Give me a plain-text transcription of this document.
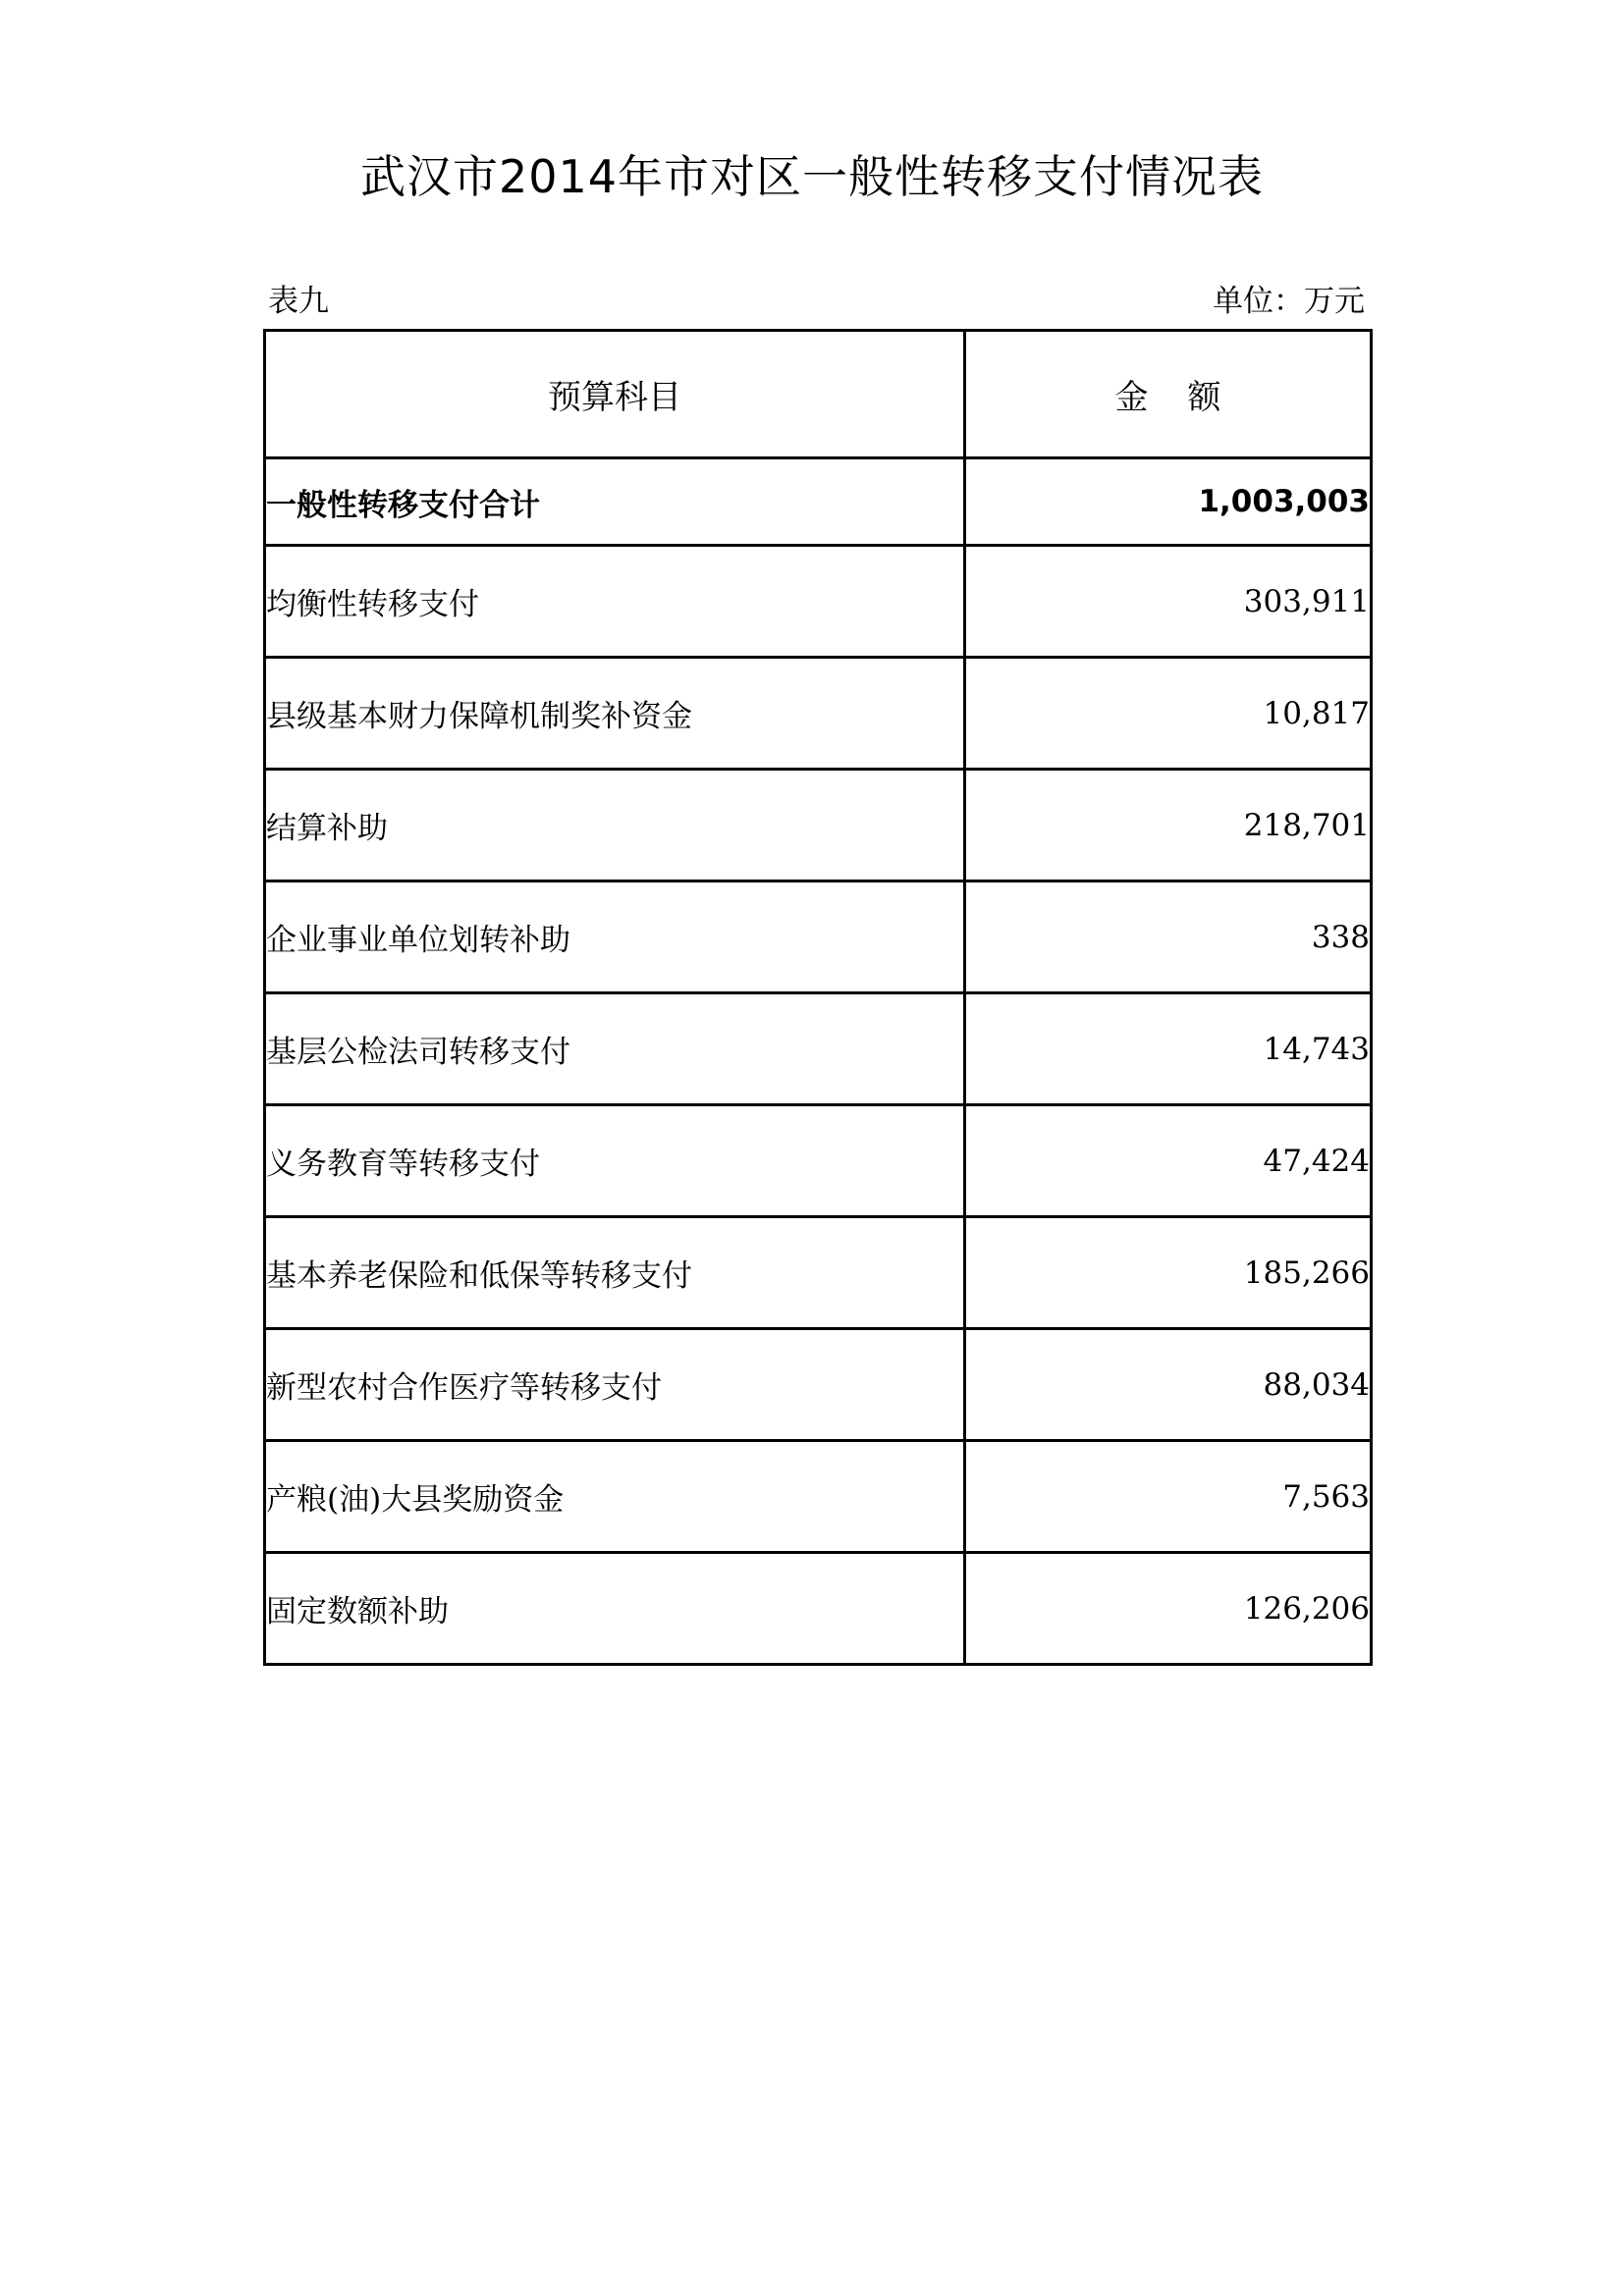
武汉市2014年市对区一般性转移支付情况表
表九	单位：万元
预算科目	金额
一般性转移支付合计	1,003,003
均衡性转移支付	303,911
县级基本财力保障机制奖补资金	10,817
结算补助	218,701
企业事业单位划转补助	338
基层公检法司转移支付	14,743
义务教育等转移支付	47,424
基本养老保险和低保等转移支付	185,266
新型农村合作医疗等转移支付	88,034
产粮(油)大县奖励资金	7,563
固定数额补助	126,206
